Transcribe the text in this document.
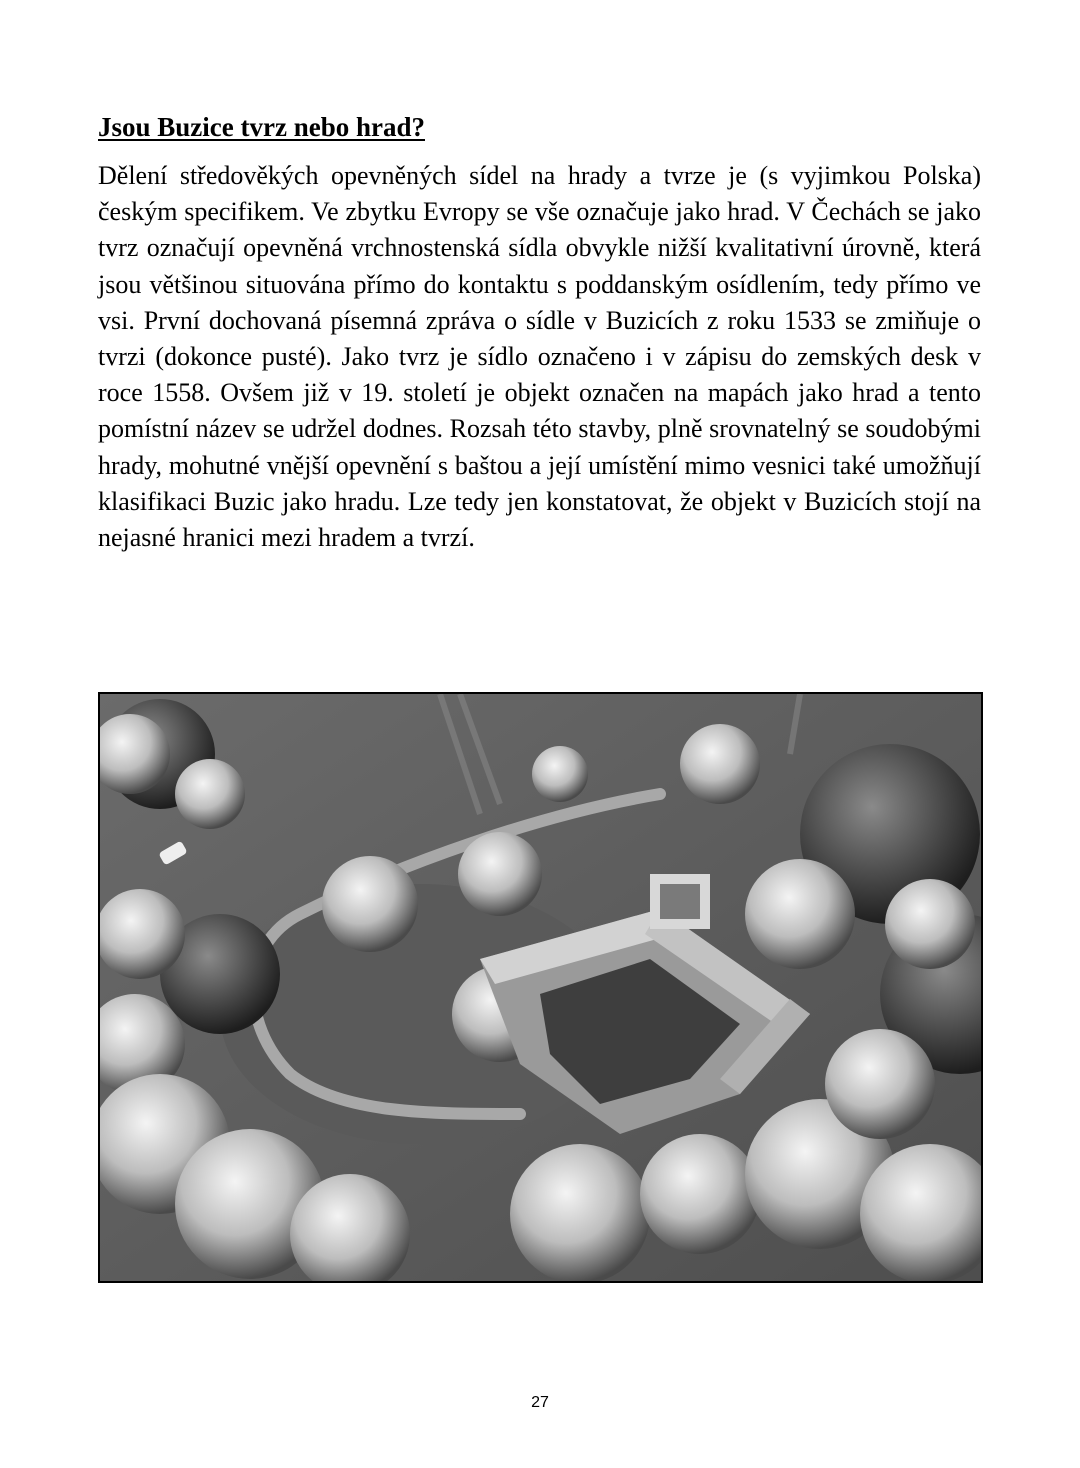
Jsou Buzice tvrz nebo hrad?

Dělení středověkých opevněných sídel na hrady a tvrze je (s vyjimkou Polska) českým specifikem. Ve zbytku Evropy se vše označuje jako hrad. V Čechách se jako tvrz označují opevněná vrchnostenská sídla obvykle nižší kvalitativní úrovně, která jsou většinou situována přímo do kontaktu s poddanským osídlením, tedy přímo ve vsi. První dochovaná písemná zpráva o sídle v Buzicích z roku 1533 se zmiňuje o tvrzi (dokonce pusté). Jako tvrz je sídlo označeno i v zápisu do zemských desk v roce 1558. Ovšem již v 19. století je objekt označen na mapách jako hrad a tento pomístní název se udržel dodnes. Rozsah této stavby, plně srovnatelný se soudobými hrady, mohutné vnější opevnění s baštou a její umístění mimo vesnici také umožňují klasifikaci Buzic jako hradu. Lze tedy jen konstatovat, že objekt v Buzicích stojí na nejasné hranici mezi hradem a tvrzí.

27
